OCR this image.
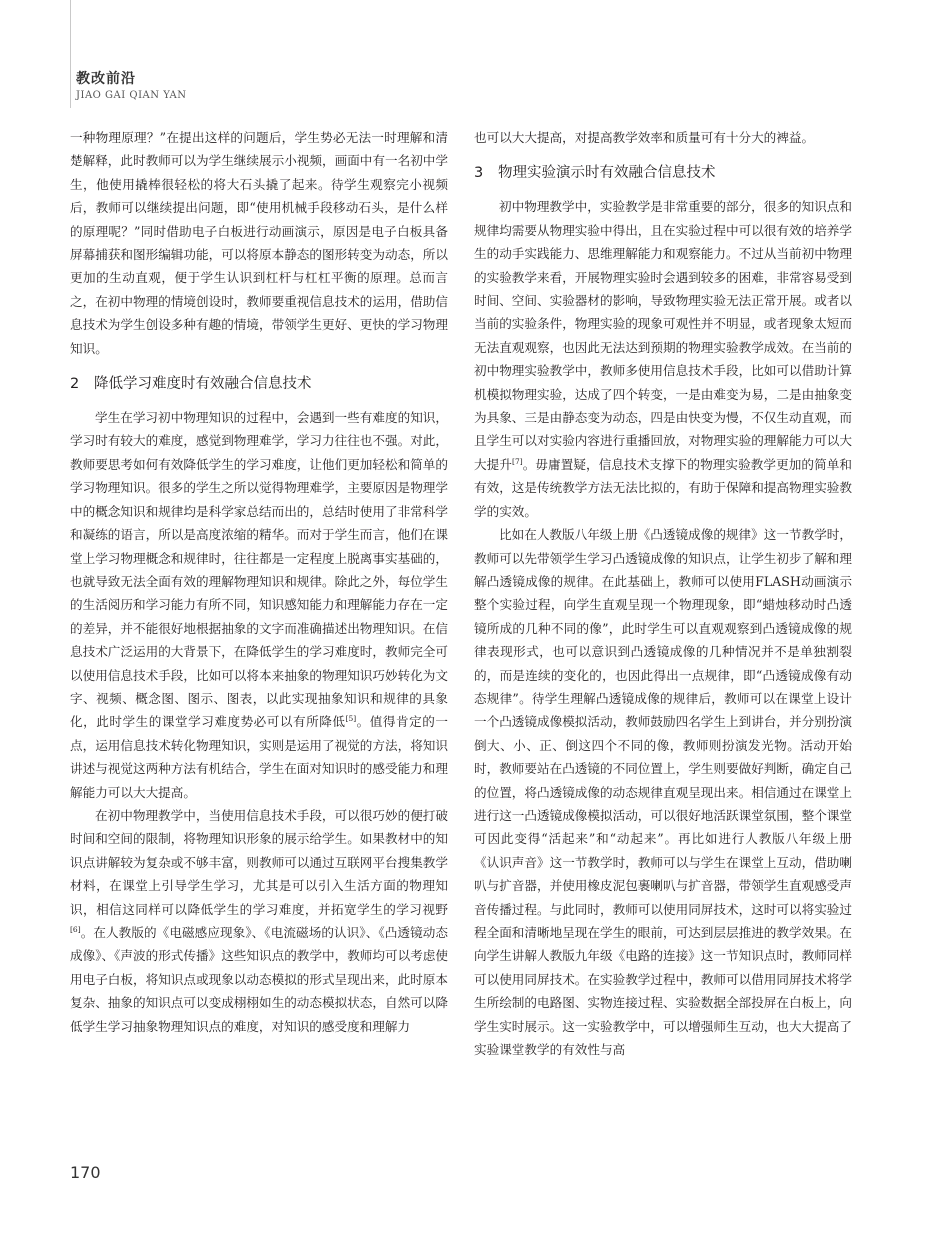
教改前沿
JIAO GAI QIAN YAN

一种物理原理？”在提出这样的问题后，学生势必无法一时理解和清楚解释，此时教师可以为学生继续展示小视频，画面中有一名初中学生，他使用撬棒很轻松的将大石头撬了起来。待学生观察完小视频后，教师可以继续提出问题，即“使用机械手段移动石头，是什么样的原理呢？”同时借助电子白板进行动画演示，原因是电子白板具备屏幕捕获和图形编辑功能，可以将原本静态的图形转变为动态，所以更加的生动直观，便于学生认识到杠杆与杠杠平衡的原理。总而言之，在初中物理的情境创设时，教师要重视信息技术的运用，借助信息技术为学生创设多种有趣的情境，带领学生更好、更快的学习物理知识。

2 降低学习难度时有效融合信息技术

学生在学习初中物理知识的过程中，会遇到一些有难度的知识，学习时有较大的难度，感觉到物理难学，学习力往往也不强。对此，教师要思考如何有效降低学生的学习难度，让他们更加轻松和简单的学习物理知识。很多的学生之所以觉得物理难学，主要原因是物理学中的概念知识和规律均是科学家总结而出的，总结时使用了非常科学和凝练的语言，所以是高度浓缩的精华。而对于学生而言，他们在课堂上学习物理概念和规律时，往往都是一定程度上脱离事实基础的，也就导致无法全面有效的理解物理知识和规律。除此之外，每位学生的生活阅历和学习能力有所不同，知识感知能力和理解能力存在一定的差异，并不能很好地根据抽象的文字而准确描述出物理知识。在信息技术广泛运用的大背景下，在降低学生的学习难度时，教师完全可以使用信息技术手段，比如可以将本来抽象的物理知识巧妙转化为文字、视频、概念图、图示、图表，以此实现抽象知识和规律的具象化，此时学生的课堂学习难度势必可以有所降低[5]。值得肯定的一点，运用信息技术转化物理知识，实则是运用了视觉的方法，将知识讲述与视觉这两种方法有机结合，学生在面对知识时的感受能力和理解能力可以大大提高。

在初中物理教学中，当使用信息技术手段，可以很巧妙的便打破时间和空间的限制，将物理知识形象的展示给学生。如果教材中的知识点讲解较为复杂或不够丰富，则教师可以通过互联网平台搜集教学材料，在课堂上引导学生学习，尤其是可以引入生活方面的物理知识，相信这同样可以降低学生的学习难度，并拓宽学生的学习视野[6]。在人教版的《电磁感应现象》、《电流磁场的认识》、《凸透镜动态成像》、《声波的形式传播》这些知识点的教学中，教师均可以考虑使用电子白板，将知识点或现象以动态模拟的形式呈现出来，此时原本复杂、抽象的知识点可以变成栩栩如生的动态模拟状态，自然可以降低学生学习抽象物理知识点的难度，对知识的感受度和理解力

也可以大大提高，对提高教学效率和质量可有十分大的裨益。

3 物理实验演示时有效融合信息技术

初中物理教学中，实验教学是非常重要的部分，很多的知识点和规律均需要从物理实验中得出，且在实验过程中可以很有效的培养学生的动手实践能力、思维理解能力和观察能力。不过从当前初中物理的实验教学来看，开展物理实验时会遇到较多的困难，非常容易受到时间、空间、实验器材的影响，导致物理实验无法正常开展。或者以当前的实验条件，物理实验的现象可观性并不明显，或者现象太短而无法直观观察，也因此无法达到预期的物理实验教学成效。在当前的初中物理实验教学中，教师多使用信息技术手段，比如可以借助计算机模拟物理实验，达成了四个转变，一是由难变为易，二是由抽象变为具象、三是由静态变为动态，四是由快变为慢，不仅生动直观，而且学生可以对实验内容进行重播回放，对物理实验的理解能力可以大大提升[7]。毋庸置疑，信息技术支撑下的物理实验教学更加的简单和有效，这是传统教学方法无法比拟的，有助于保障和提高物理实验教学的实效。

比如在人教版八年级上册《凸透镜成像的规律》这一节教学时，教师可以先带领学生学习凸透镜成像的知识点，让学生初步了解和理解凸透镜成像的规律。在此基础上，教师可以使用FLASH动画演示整个实验过程，向学生直观呈现一个物理现象，即“蜡烛移动时凸透镜所成的几种不同的像”，此时学生可以直观观察到凸透镜成像的规律表现形式，也可以意识到凸透镜成像的几种情况并不是单独割裂的，而是连续的变化的，也因此得出一点规律，即“凸透镜成像有动态规律”。待学生理解凸透镜成像的规律后，教师可以在课堂上设计一个凸透镜成像模拟活动，教师鼓励四名学生上到讲台，并分别扮演倒大、小、正、倒这四个不同的像，教师则扮演发光物。活动开始时，教师要站在凸透镜的不同位置上，学生则要做好判断，确定自己的位置，将凸透镜成像的动态规律直观呈现出来。相信通过在课堂上进行这一凸透镜成像模拟活动，可以很好地活跃课堂氛围，整个课堂可因此变得“活起来”和“动起来”。再比如进行人教版八年级上册《认识声音》这一节教学时，教师可以与学生在课堂上互动，借助喇叭与扩音器，并使用橡皮泥包裹喇叭与扩音器，带领学生直观感受声音传播过程。与此同时，教师可以使用同屏技术，这时可以将实验过程全面和清晰地呈现在学生的眼前，可达到层层推进的教学效果。在向学生讲解人教版九年级《电路的连接》这一节知识点时，教师同样可以使用同屏技术。在实验教学过程中，教师可以借用同屏技术将学生所绘制的电路图、实物连接过程、实验数据全部投屏在白板上，向学生实时展示。这一实验教学中，可以增强师生互动，也大大提高了实验课堂教学的有效性与高

170
